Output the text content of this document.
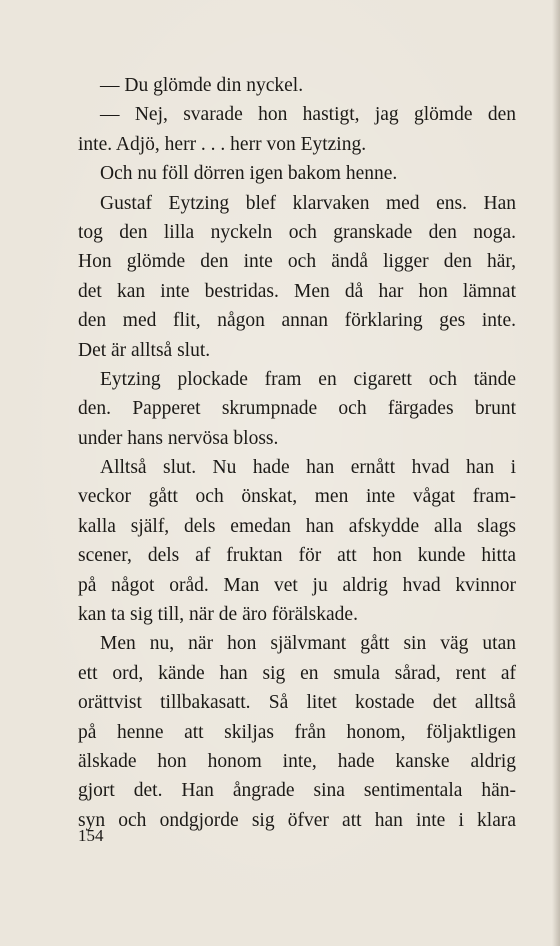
— Du glömde din nyckel.
— Nej, svarade hon hastigt, jag glömde den
inte. Adjö, herr . . . herr von Eytzing.
Och nu föll dörren igen bakom henne.
Gustaf Eytzing blef klarvaken med ens. Han
tog den lilla nyckeln och granskade den noga.
Hon glömde den inte och ändå ligger den här,
det kan inte bestridas. Men då har hon lämnat
den med flit, någon annan förklaring ges inte.
Det är alltså slut.
Eytzing plockade fram en cigarett och tände
den. Papperet skrumpnade och färgades brunt
under hans nervösa bloss.
Alltså slut. Nu hade han ernått hvad han i
veckor gått och önskat, men inte vågat fram-
kalla själf, dels emedan han afskydde alla slags
scener, dels af fruktan för att hon kunde hitta
på något oråd. Man vet ju aldrig hvad kvinnor
kan ta sig till, när de äro förälskade.
Men nu, när hon självmant gått sin väg utan
ett ord, kände han sig en smula sårad, rent af
orättvist tillbakasatt. Så litet kostade det alltså
på henne att skiljas från honom, följaktligen
älskade hon honom inte, hade kanske aldrig
gjort det. Han ångrade sina sentimentala hän-
syn och ondgjorde sig öfver att han inte i klara
154
